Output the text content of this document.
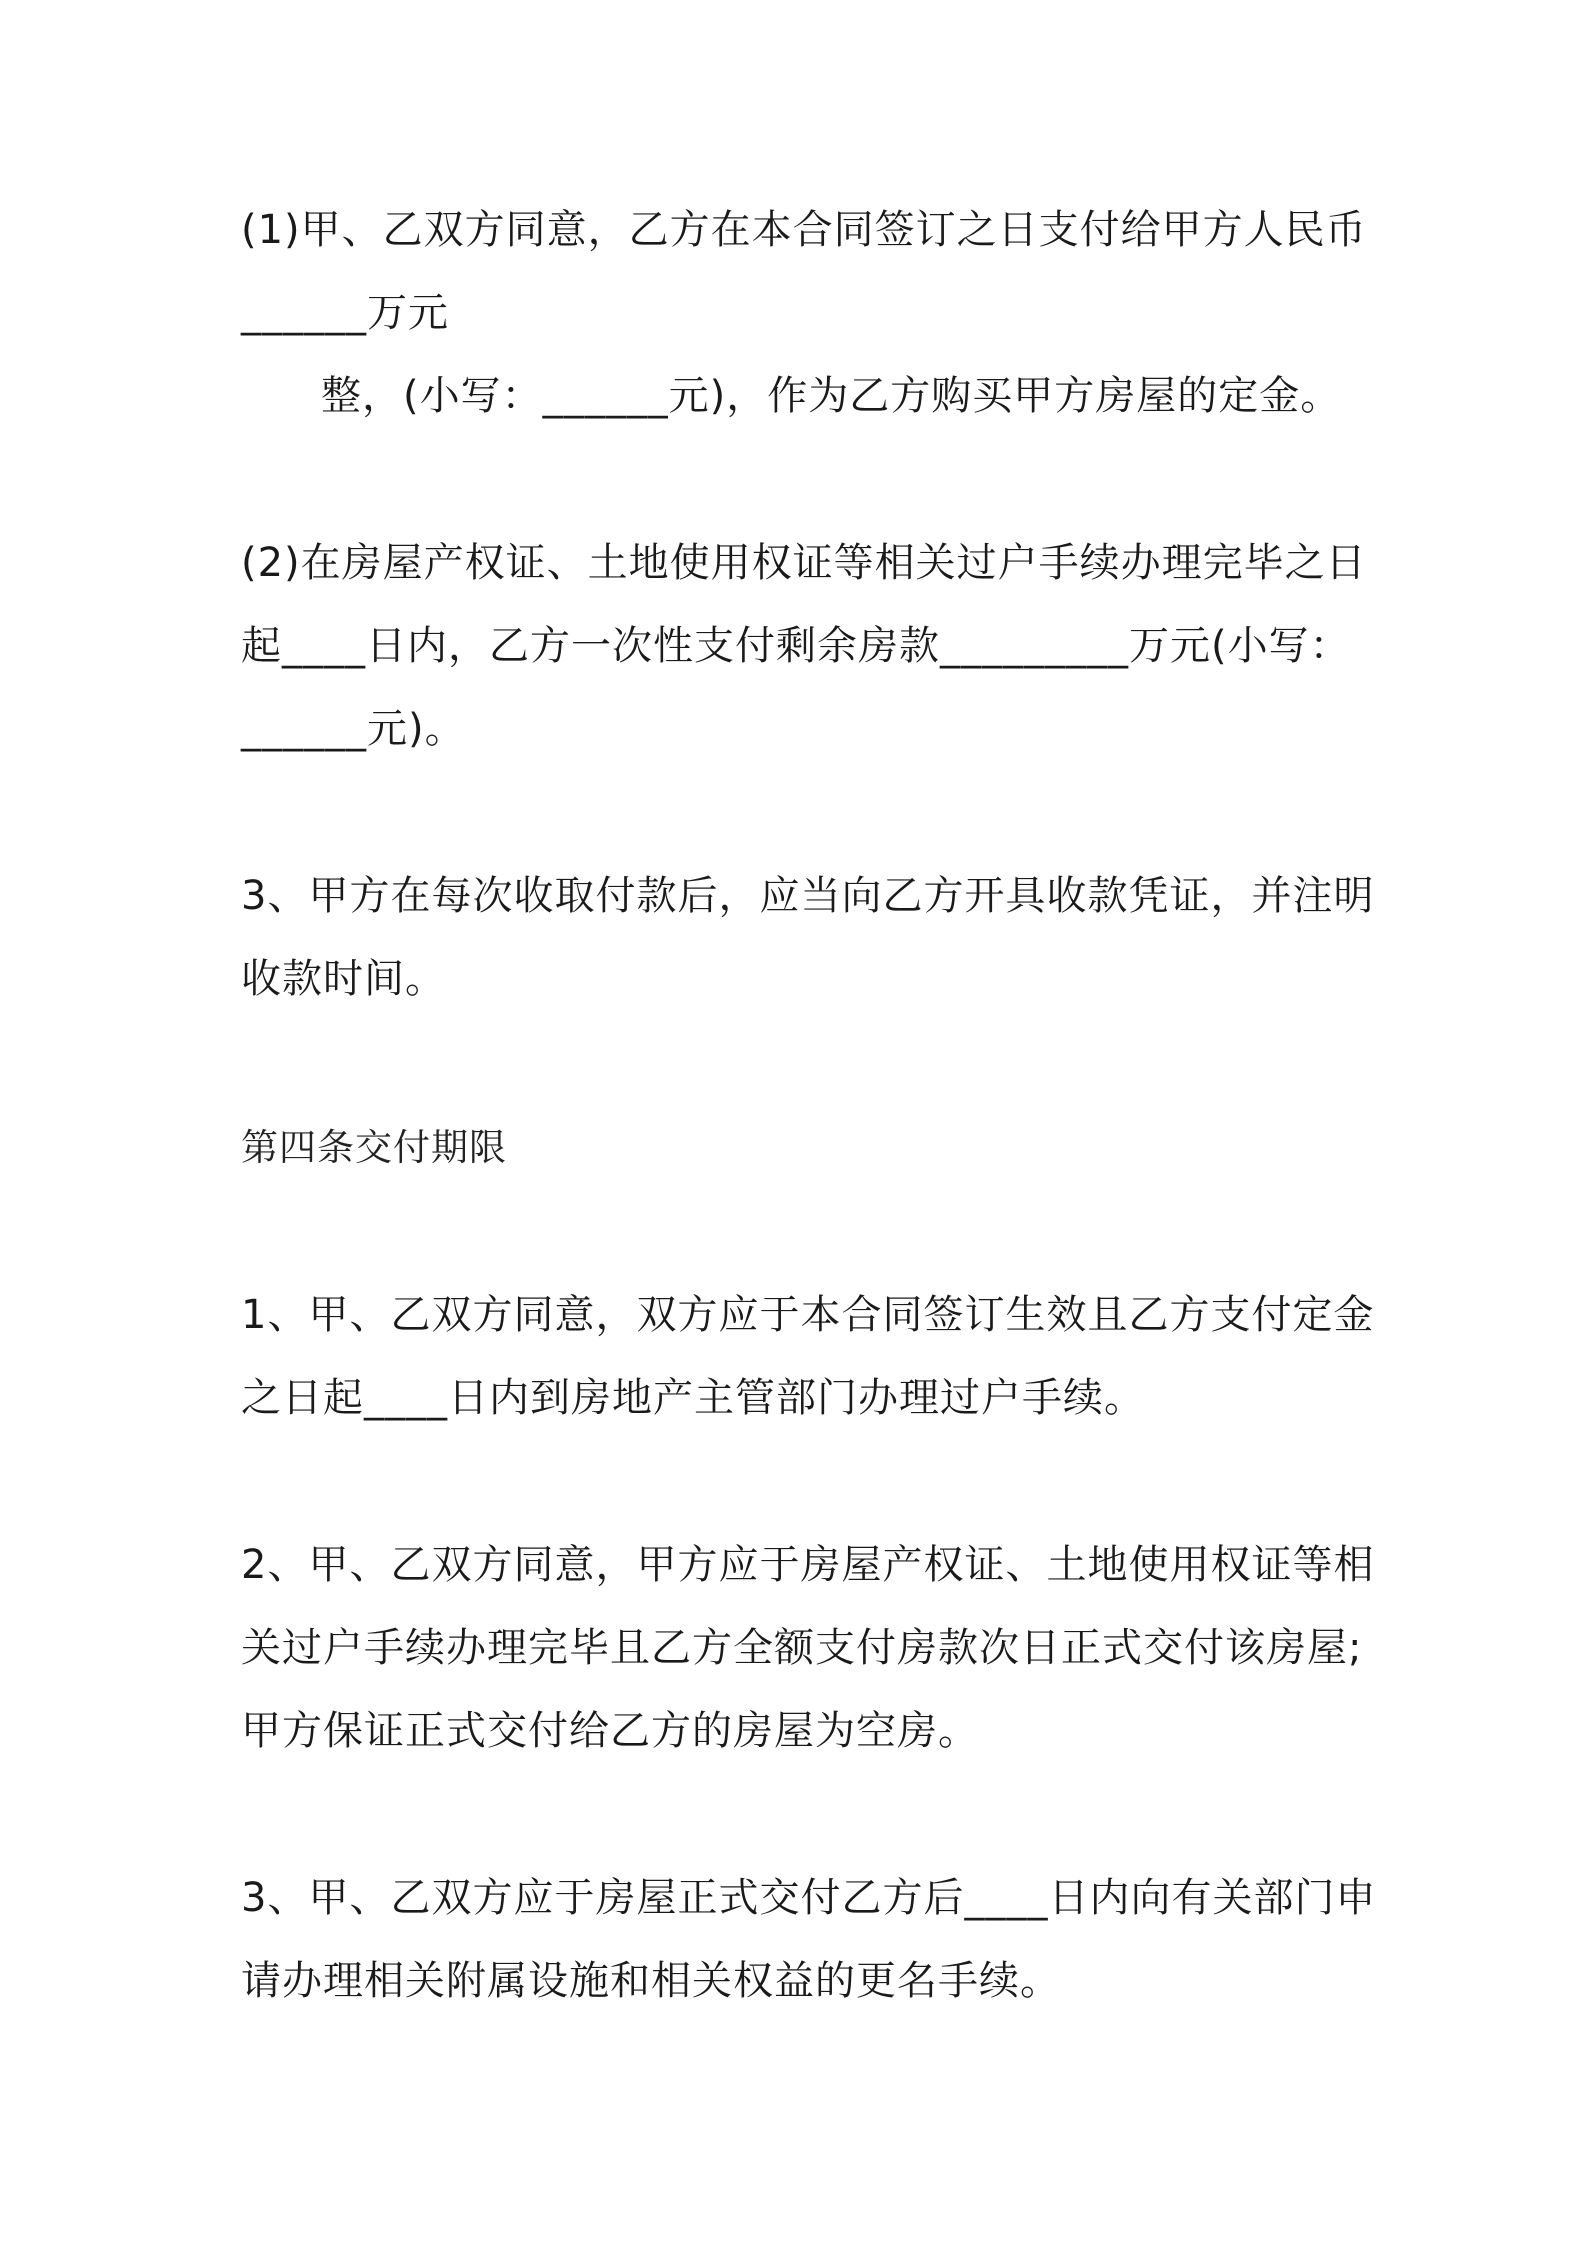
(1)甲、乙双方同意，乙方在本合同签订之日支付给甲方人民币
______万元
整，(小写：______元)，作为乙方购买甲方房屋的定金。
(2)在房屋产权证、土地使用权证等相关过户手续办理完毕之日
起____日内，乙方一次性支付剩余房款_________万元(小写：
______元)。
3、甲方在每次收取付款后，应当向乙方开具收款凭证，并注明
收款时间。
第四条交付期限
1、甲、乙双方同意，双方应于本合同签订生效且乙方支付定金
之日起____日内到房地产主管部门办理过户手续。
2、甲、乙双方同意，甲方应于房屋产权证、土地使用权证等相
关过户手续办理完毕且乙方全额支付房款次日正式交付该房屋;
甲方保证正式交付给乙方的房屋为空房。
3、甲、乙双方应于房屋正式交付乙方后____日内向有关部门申
请办理相关附属设施和相关权益的更名手续。
